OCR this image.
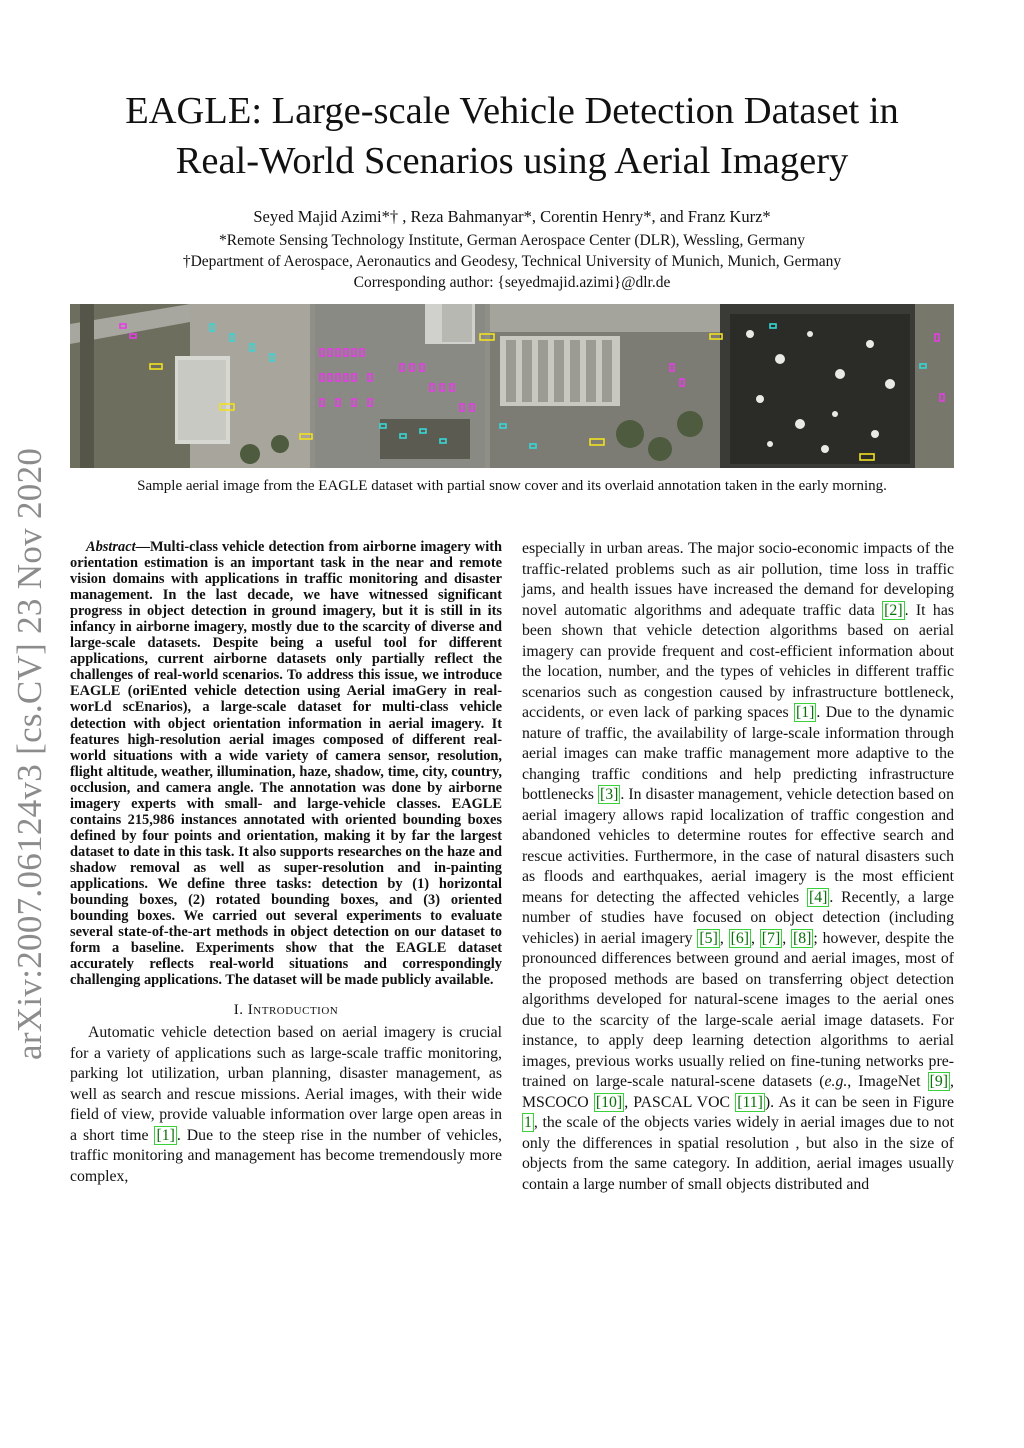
arXiv:2007.06124v3 [cs.CV] 23 Nov 2020
EAGLE: Large-scale Vehicle Detection Dataset in
Real-World Scenarios using Aerial Imagery
Seyed Majid Azimi*† , Reza Bahmanyar*, Corentin Henry*, and Franz Kurz*
*Remote Sensing Technology Institute, German Aerospace Center (DLR), Wessling, Germany
†Department of Aerospace, Aeronautics and Geodesy, Technical University of Munich, Munich, Germany
Corresponding author: {seyedmajid.azimi}@dlr.de
Sample aerial image from the EAGLE dataset with partial snow cover and its overlaid annotation taken in the early morning.

Abstract—Multi-class vehicle detection from airborne imagery with orientation estimation is an important task in the near and remote vision domains with applications in traffic monitoring and disaster management. In the last decade, we have witnessed significant progress in object detection in ground imagery, but it is still in its infancy in airborne imagery, mostly due to the scarcity of diverse and large-scale datasets. Despite being a useful tool for different applications, current airborne datasets only partially reflect the challenges of real-world scenarios. To address this issue, we introduce EAGLE (oriEnted vehicle detection using Aerial imaGery in real-worLd scEnarios), a large-scale dataset for multi-class vehicle detection with object orientation information in aerial imagery. It features high-resolution aerial images composed of different real-world situations with a wide variety of camera sensor, resolution, flight altitude, weather, illumination, haze, shadow, time, city, country, occlusion, and camera angle. The annotation was done by airborne imagery experts with small- and large-vehicle classes. EAGLE contains 215,986 instances annotated with oriented bounding boxes defined by four points and orientation, making it by far the largest dataset to date in this task. It also supports researches on the haze and shadow removal as well as super-resolution and in-painting applications. We define three tasks: detection by (1) horizontal bounding boxes, (2) rotated bounding boxes, and (3) oriented bounding boxes. We carried out several experiments to evaluate several state-of-the-art methods in object detection on our dataset to form a baseline. Experiments show that the EAGLE dataset accurately reflects real-world situations and correspondingly challenging applications. The dataset will be made publicly available.

I. Introduction

Automatic vehicle detection based on aerial imagery is crucial for a variety of applications such as large-scale traffic monitoring, parking lot utilization, urban planning, disaster management, as well as search and rescue missions. Aerial images, with their wide field of view, provide valuable information over large open areas in a short time [1] . Due to the steep rise in the number of vehicles, traffic monitoring and management has become tremendously more complex,

especially in urban areas. The major socio-economic impacts of the traffic-related problems such as air pollution, time loss in traffic jams, and health issues have increased the demand for developing novel automatic algorithms and adequate traffic data [2] . It has been shown that vehicle detection algorithms based on aerial imagery can provide frequent and cost-efficient information about the location, number, and the types of vehicles in different traffic scenarios such as congestion caused by infrastructure bottleneck, accidents, or even lack of parking spaces [1] . Due to the dynamic nature of traffic, the availability of large-scale information through aerial images can make traffic management more adaptive to the changing traffic conditions and help predicting infrastructure bottlenecks [3] . In disaster management, vehicle detection based on aerial imagery allows rapid localization of traffic congestion and abandoned vehicles to determine routes for effective search and rescue activities. Furthermore, in the case of natural disasters such as floods and earthquakes, aerial imagery is the most efficient means for detecting the affected vehicles [4] . Recently, a large number of studies have focused on object detection (including vehicles) in aerial imagery [5] , [6] , [7] , [8] ; however, despite the pronounced differences between ground and aerial images, most of the proposed methods are based on transferring object detection algorithms developed for natural-scene images to the aerial ones due to the scarcity of the large-scale aerial image datasets. For instance, to apply deep learning detection algorithms to aerial images, previous works usually relied on fine-tuning networks pre-trained on large-scale natural-scene datasets (e.g., ImageNet [9] , MSCOCO [10] , PASCAL VOC [11] ). As it can be seen in Figure 1 , the scale of the objects varies widely in aerial images due to not only the differences in spatial resolution , but also in the size of objects from the same category. In addition, aerial images usually contain a large number of small objects distributed and
